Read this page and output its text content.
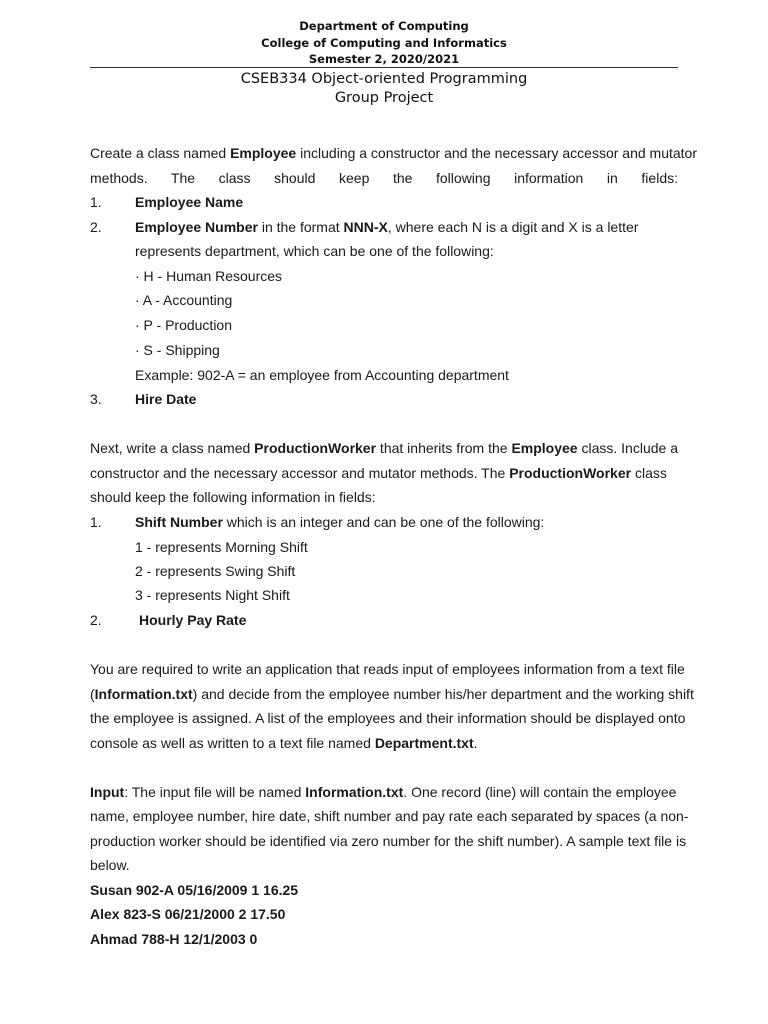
Department of Computing
College of Computing and Informatics
Semester 2, 2020/2021
CSEB334 Object-oriented Programming
Group Project
Create a class named Employee including a constructor and the necessary accessor and mutator
methods. The class should keep the following information in fields:
1. Employee Name
2. Employee Number in the format NNN-X, where each N is a digit and X is a letter
represents department, which can be one of the following:
· H - Human Resources
· A - Accounting
· P - Production
· S - Shipping
Example: 902-A = an employee from Accounting department
3. Hire Date
Next, write a class named ProductionWorker that inherits from the Employee class. Include a
constructor and the necessary accessor and mutator methods. The ProductionWorker class
should keep the following information in fields:
1. Shift Number which is an integer and can be one of the following:
1 - represents Morning Shift
2 - represents Swing Shift
3 - represents Night Shift
2.	Hourly Pay Rate
You are required to write an application that reads input of employees information from a text file
(Information.txt) and decide from the employee number his/her department and the working shift
the employee is assigned. A list of the employees and their information should be displayed onto
console as well as written to a text file named Department.txt.
Input: The input file will be named Information.txt. One record (line) will contain the employee
name, employee number, hire date, shift number and pay rate each separated by spaces (a non-
production worker should be identified via zero number for the shift number). A sample text file is
below.
Susan 902-A 05/16/2009 1 16.25
Alex 823-S 06/21/2000 2 17.50
Ahmad 788-H 12/1/2003 0
